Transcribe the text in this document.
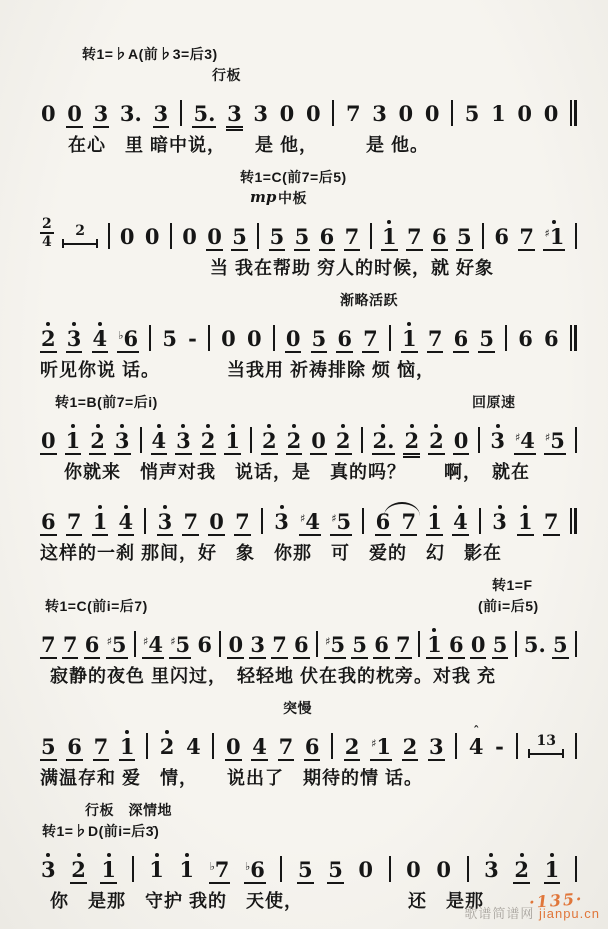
转1=♭A(前♭3=后3)
行板
0 0 3 3. 3 5. 3 3 0 0 7 3 0 0 5 1 0 0
在心　里 暗中说，　　是 他，　　　是 他。
转1=C(前7=后5)
mp 中板
$\frac{2}{4} 2$ 0 0 0 0 5 5 5 6 7 1 7 6 5 6 7 ♯1
当 我在帮助 穷人的时候，就 好象
渐略活跃
2 3 4 ♭6 5 - 0 0 0 5 6 7 1 7 6 5 6 6
听见你说 话。　　　　当我用 祈祷排除 烦 恼，
转1=B(前7=后i)	回原速
0 1 2 3 4 3 2 1 2 2 0 2 2. 2 2 0 3 ♯4 ♯5
你就来　悄声对我　说话，是　真的吗？　　啊，　就在
6 7 1 4 3 7 0 7 3 ♯4 ♯5 6 7 1 4 3 1 7
这样的一刹 那间，好　象　你那　可　爱的　幻　影在
转1=F
转1=C(前i=后7)	(前i=后5)
7 7 6 ♯5 ♯4 ♯5 6 0 3 7 6 ♯5 5 6 7 1 6 0 5 5. 5
寂静的夜色 里闪过，　轻轻地 伏在我的枕旁。对我 充
突慢
5 6 7 1 2 4 0 4 7 6 2 ♯1 2 3 4
ˆ
- 13
满温存和 爱　情，　　说出了　期待的情 话。
行板　深情地
转1=♭D(前i=后3̇)
3 2 1 1 1 ♭7 ♭6 5 5 0 0 0 3 2 1
你　是那　守护 我的　天使，　　　　　　还　是那	·135·
歌谱简谱网 jianpu.cn
